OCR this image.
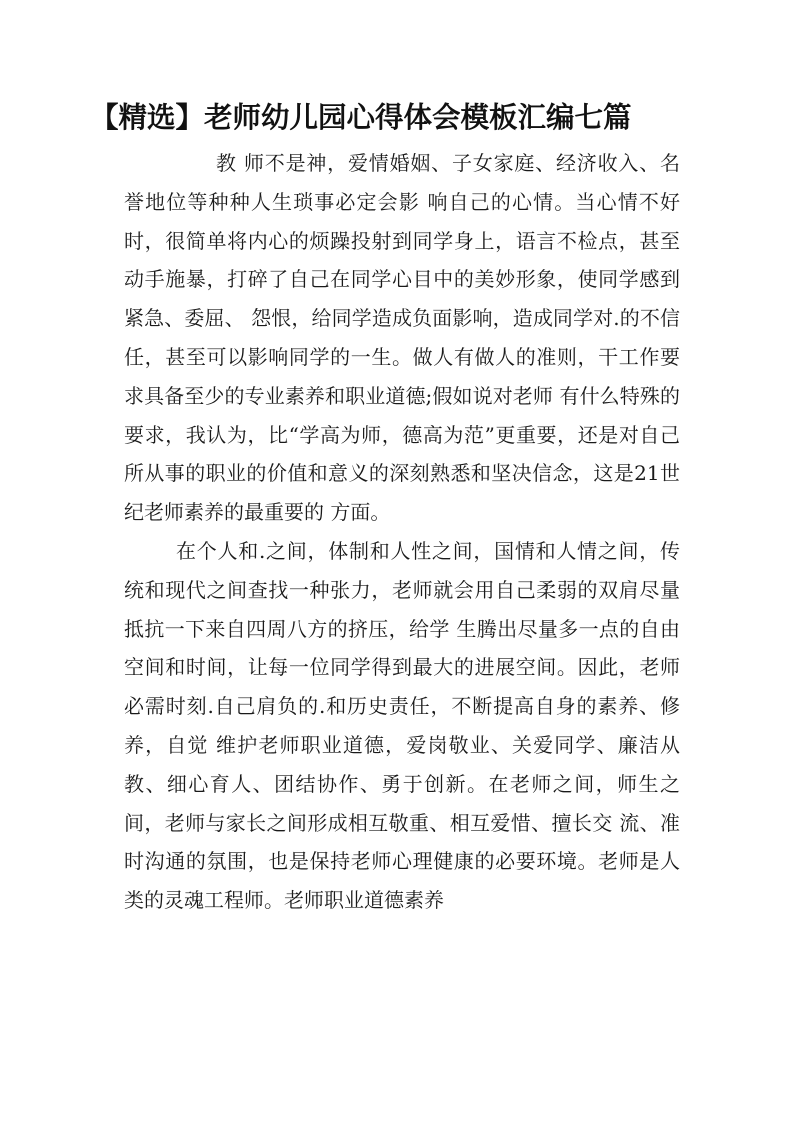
【精选】老师幼儿园心得体会模板汇编七篇

教 师不是神，爱情婚姻、子女家庭、经济收入、名誉地位等种种人生琐事必定会影 响自己的心情。当心情不好时，很简单将内心的烦躁投射到同学身上，语言不检点，甚至动手施暴，打碎了自己在同学心目中的美妙形象，使同学感到紧急、委屈、 怨恨，给同学造成负面影响，造成同学对.的不信任，甚至可以影响同学的一生。做人有做人的准则，干工作要求具备至少的专业素养和职业道德;假如说对老师 有什么特殊的要求，我认为，比“学高为师，德高为范”更重要，还是对自己所从事的职业的价值和意义的深刻熟悉和坚决信念，这是21世纪老师素养的最重要的 方面。

在个人和.之间，体制和人性之间，国情和人情之间，传统和现代之间查找一种张力，老师就会用自己柔弱的双肩尽量抵抗一下来自四周八方的挤压，给学 生腾出尽量多一点的自由空间和时间，让每一位同学得到最大的进展空间。因此，老师必需时刻.自己肩负的.和历史责任，不断提高自身的素养、修养，自觉 维护老师职业道德，爱岗敬业、关爱同学、廉洁从教、细心育人、团结协作、勇于创新。在老师之间，师生之间，老师与家长之间形成相互敬重、相互爱惜、擅长交 流、准时沟通的氛围，也是保持老师心理健康的必要环境。老师是人类的灵魂工程师。老师职业道德素养
